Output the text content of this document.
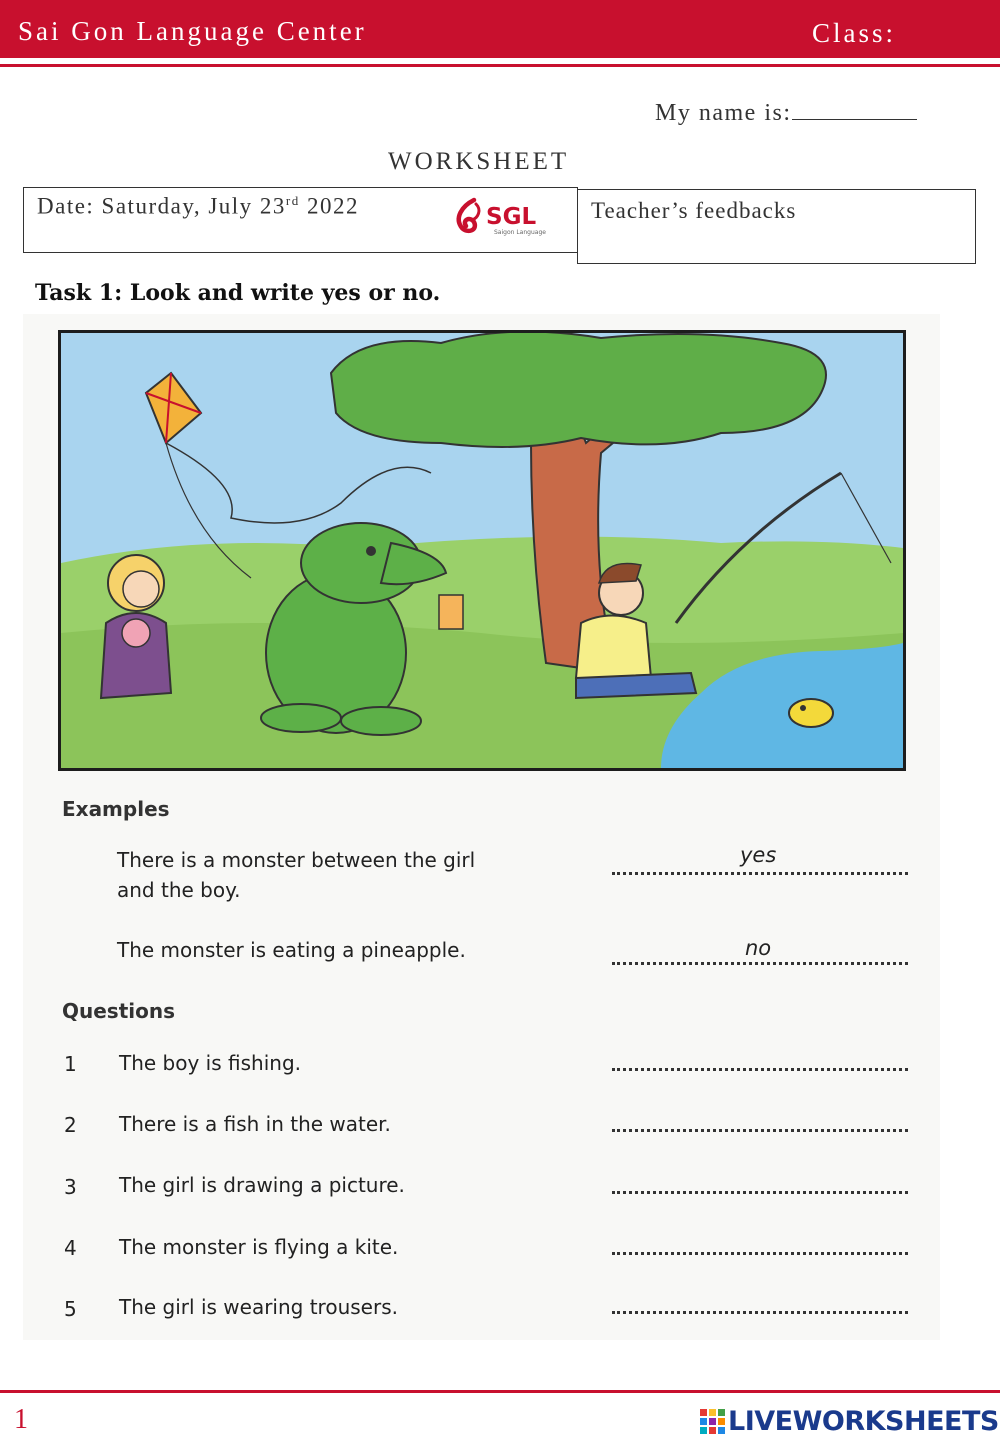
Sai Gon Language Center	Class:
My name is:
WORKSHEET
Date: Saturday, July 23rd 2022	SGL
Saigon Language
Teacher’s feedbacks
Task 1: Look and write yes or no.
Examples
There is a monster between the girl
and the boy.
yes
The monster is eating a pineapple.	no
Questions
1 The boy is fishing.
2 There is a fish in the water.
3 The girl is drawing a picture.
4 The monster is flying a kite.
5 The girl is wearing trousers.
1	LIVEWORKSHEETS
